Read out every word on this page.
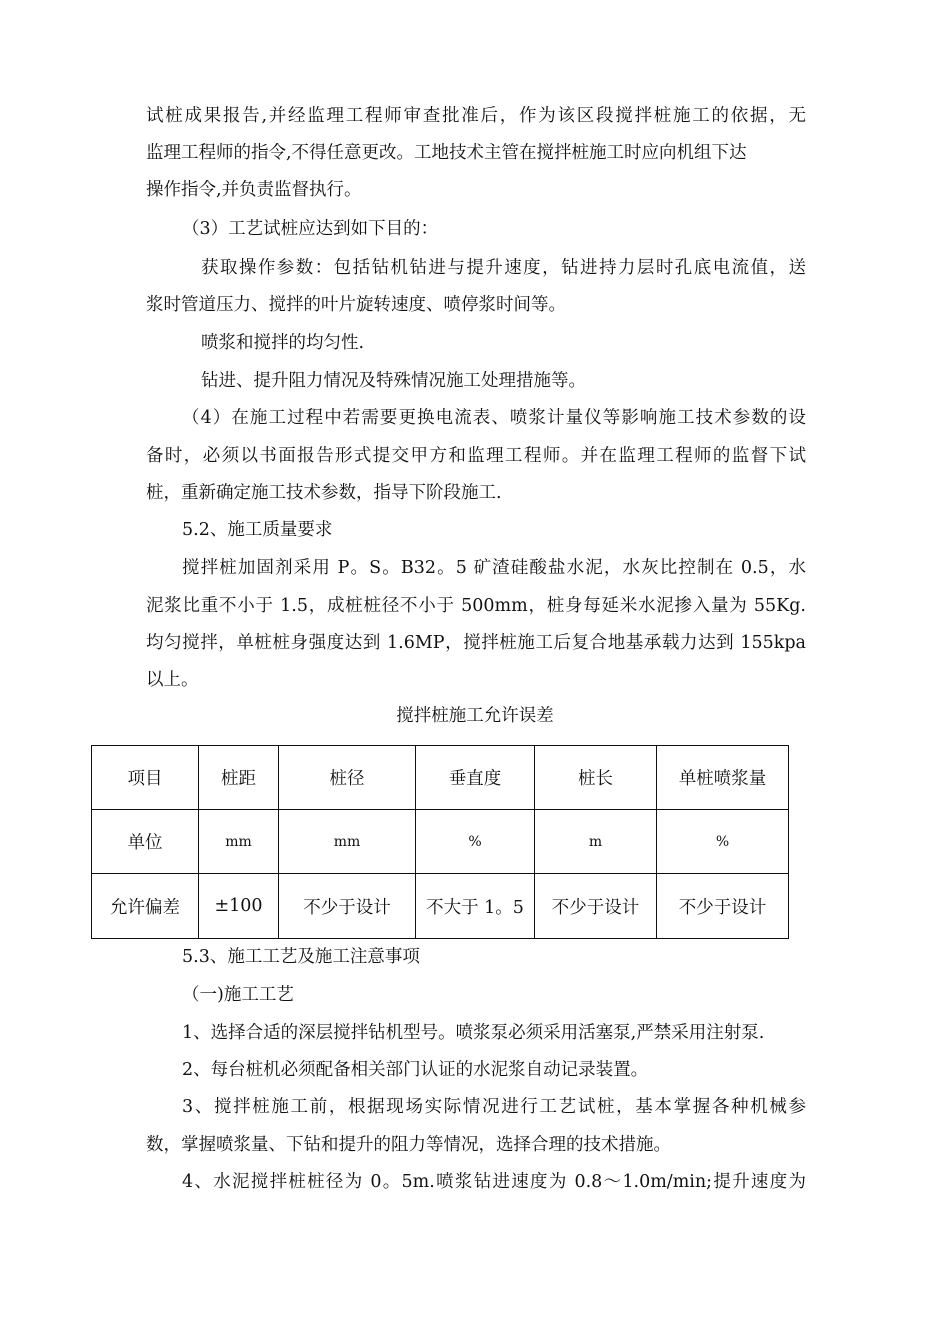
试桩成果报告,并经监理工程师审查批准后，作为该区段搅拌桩施工的依据，无
监理工程师的指令,不得任意更改。工地技术主管在搅拌桩施工时应向机组下达
操作指令,并负责监督执行。
（3）工艺试桩应达到如下目的：
获取操作参数：包括钻机钻进与提升速度，钻进持力层时孔底电流值，送
浆时管道压力、搅拌的叶片旋转速度、喷停浆时间等。
喷浆和搅拌的均匀性.
钻进、提升阻力情况及特殊情况施工处理措施等。
（4）在施工过程中若需要更换电流表、喷浆计量仪等影响施工技术参数的设
备时，必须以书面报告形式提交甲方和监理工程师。并在监理工程师的监督下试
桩，重新确定施工技术参数，指导下阶段施工.
5.2、施工质量要求
搅拌桩加固剂采用 P。S。B32。5 矿渣硅酸盐水泥，水灰比控制在 0.5，水
泥浆比重不小于 1.5，成桩桩径不小于 500mm，桩身每延米水泥掺入量为 55Kg.
均匀搅拌，单桩桩身强度达到 1.6MP，搅拌桩施工后复合地基承载力达到 155kpa
以上。
搅拌桩施工允许误差
项目	桩距	桩径	垂直度	桩长	单桩喷浆量
单位	mm	mm	%	m	%
允许偏差	±100	不少于设计	不大于 1。5	不少于设计	不少于设计
5.3、施工工艺及施工注意事项
（一)施工工艺
1、选择合适的深层搅拌钻机型号。喷浆泵必须采用活塞泵,严禁采用注射泵.
2、每台桩机必须配备相关部门认证的水泥浆自动记录装置。
3、搅拌桩施工前，根据现场实际情况进行工艺试桩，基本掌握各种机械参
数，掌握喷浆量、下钻和提升的阻力等情况，选择合理的技术措施。
4、水泥搅拌桩桩径为 0。5m.喷浆钻进速度为 0.8～1.0m/min;提升速度为
